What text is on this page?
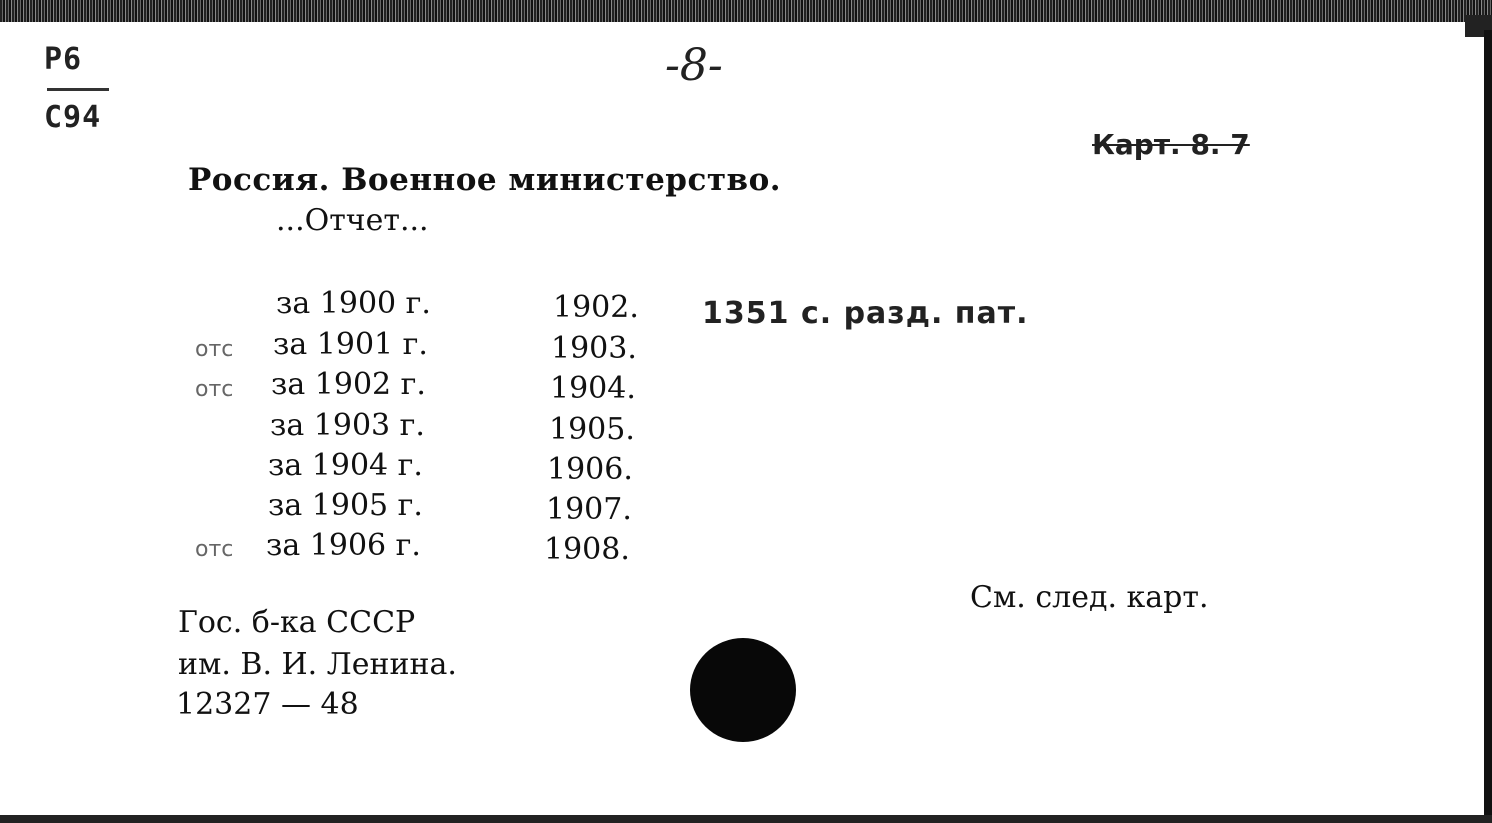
Р6
С94
-8-
Карт. 8. 7
Россия. Военное министерство.
...Отчет...
отс
отс
отс
за 1900 г.
за 1901 г.
за 1902 г.
за 1903 г.
за 1904 г.
за 1905 г.
за 1906 г.
1902.
1903.
1904.
1905.
1906.
1907.
1908.
1351 с. разд. пат.
См. след. карт.
Гос. б-ка СССР
им. В. И. Ленина.
12327 — 48
